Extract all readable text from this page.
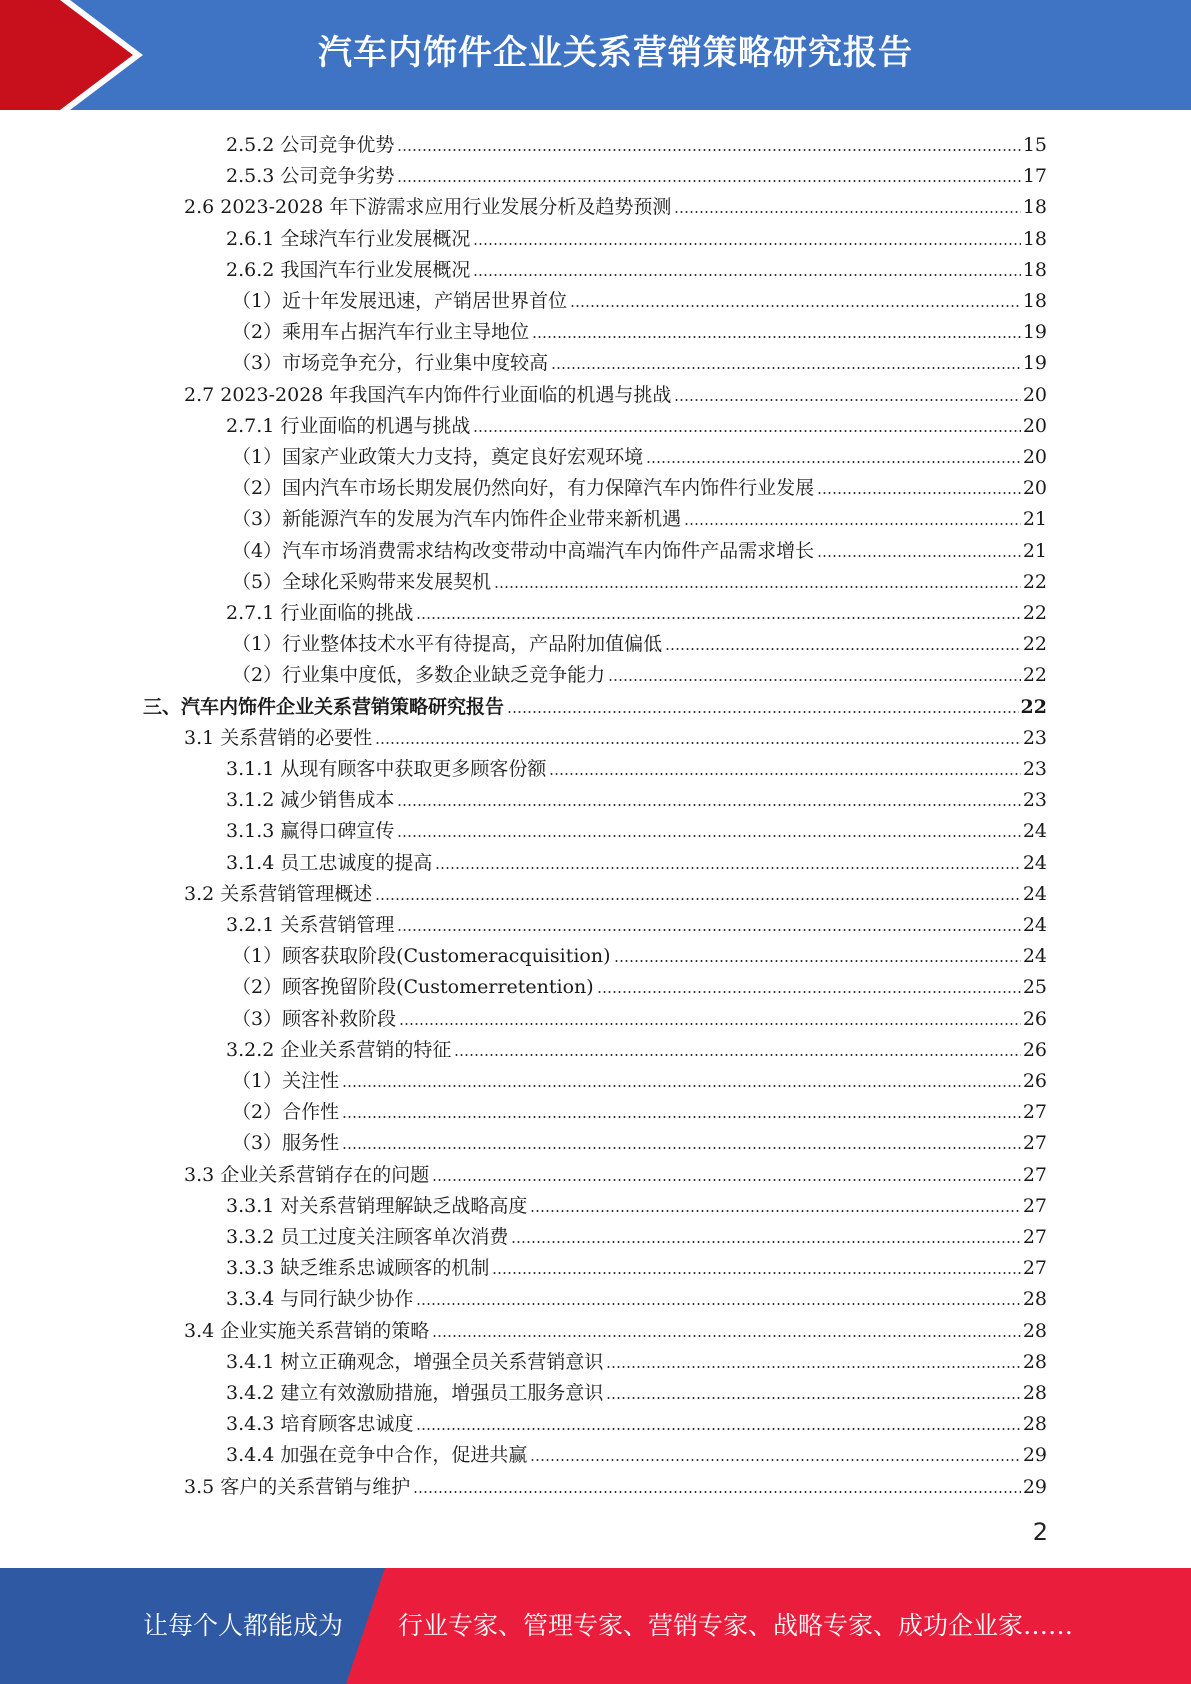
汽车内饰件企业关系营销策略研究报告
2.5.2 公司竞争优势	15
2.5.3 公司竞争劣势	17
2.6 2023-2028 年下游需求应用行业发展分析及趋势预测	18
2.6.1 全球汽车行业发展概况	18
2.6.2 我国汽车行业发展概况	18
（1）近十年发展迅速，产销居世界首位	18
（2）乘用车占据汽车行业主导地位	19
（3）市场竞争充分，行业集中度较高	19
2.7 2023-2028 年我国汽车内饰件行业面临的机遇与挑战	20
2.7.1 行业面临的机遇与挑战	20
（1）国家产业政策大力支持，奠定良好宏观环境	20
（2）国内汽车市场长期发展仍然向好，有力保障汽车内饰件行业发展	20
（3）新能源汽车的发展为汽车内饰件企业带来新机遇	21
（4）汽车市场消费需求结构改变带动中高端汽车内饰件产品需求增长	21
（5）全球化采购带来发展契机	22
2.7.1 行业面临的挑战	22
（1）行业整体技术水平有待提高，产品附加值偏低	22
（2）行业集中度低，多数企业缺乏竞争能力	22
三、汽车内饰件企业关系营销策略研究报告	22
3.1 关系营销的必要性	23
3.1.1 从现有顾客中获取更多顾客份额	23
3.1.2 减少销售成本	23
3.1.3 赢得口碑宣传	24
3.1.4 员工忠诚度的提高	24
3.2 关系营销管理概述	24
3.2.1 关系营销管理	24
（1）顾客获取阶段(Customeracquisition)	24
（2）顾客挽留阶段(Customerretention)	25
（3）顾客补救阶段	26
3.2.2 企业关系营销的特征	26
（1）关注性	26
（2）合作性	27
（3）服务性	27
3.3 企业关系营销存在的问题	27
3.3.1 对关系营销理解缺乏战略高度	27
3.3.2 员工过度关注顾客单次消费	27
3.3.3 缺乏维系忠诚顾客的机制	27
3.3.4 与同行缺少协作	28
3.4 企业实施关系营销的策略	28
3.4.1 树立正确观念，增强全员关系营销意识	28
3.4.2 建立有效激励措施，增强员工服务意识	28
3.4.3 培育顾客忠诚度	28
3.4.4 加强在竞争中合作，促进共赢	29
3.5 客户的关系营销与维护	29
2
让每个人都能成为 行业专家、管理专家、营销专家、战略专家、成功企业家……
